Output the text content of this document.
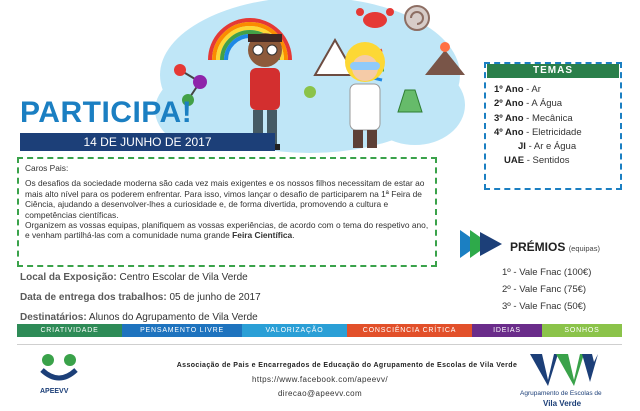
PARTICIPA!
14 DE JUNHO DE 2017

Caros Pais:

Os desafios da sociedade moderna são cada vez mais exigentes e os nossos filhos necessitam de estar ao mais alto nível para os poderem enfrentar. Para isso, vimos lançar o desafio de participarem na 1ª Feira de Ciência, ajudando a desenvolver-lhes a curiosidade e, de forma divertida, promovendo a cultura e competências científicas.

Organizem as vossas equipas, planifiquem as vossas experiências, de acordo com o tema do respetivo ano, e venham partilhá-las com a comunidade numa grande Feira Científica.

Local da Exposição: Centro Escolar de Vila Verde
Data de entrega dos trabalhos: 05 de junho de 2017
Destinatários: Alunos do Agrupamento de Vila Verde
1º Ano - Ar
2º Ano - A Água
3º Ano - Mecânica
4º Ano - Eletricidade
JI - Ar e Água
UAE - Sentidos
TEMAS
PRÉMIOS (equipas)
1º - Vale Fnac (100€)
2º - Vale Fanc (75€)
3º - Vale Fnac (50€)
CRIATIVIDADE	PENSAMENTO LIVRE	VALORIZAÇÃO	CONSCIÊNCIA CRÍTICA	IDEIAS	SONHOS
APEEVV
Associação de Pais e Encarregados de Educação do Agrupamento de Escolas de Vila Verde
https://www.facebook.com/apeevv/
direcao@apeevv.com	Agrupamento de Escolas de
Vila Verde
